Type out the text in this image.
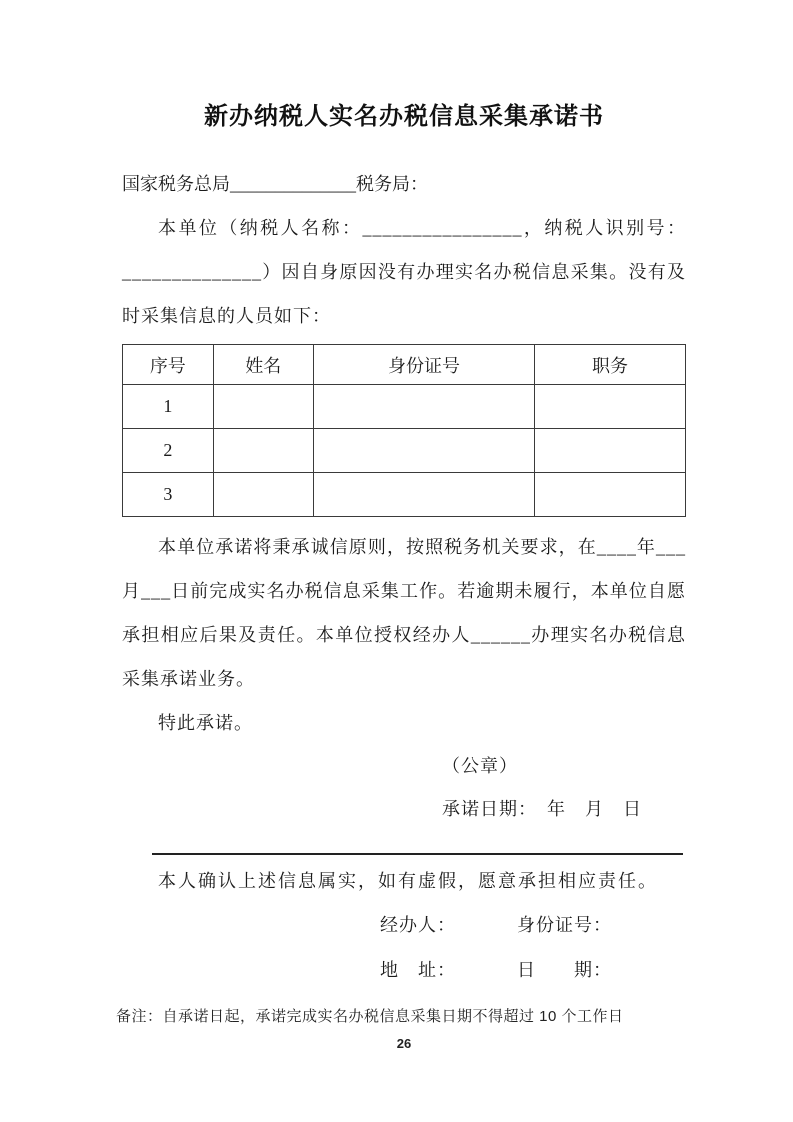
新办纳税人实名办税信息采集承诺书
国家税务总局______________税务局：
本单位（纳税人名称：________________，纳税人识别号：______________）因自身原因没有办理实名办税信息采集。没有及时采集信息的人员如下：
序号	姓名	身份证号	职务
1			
2			
3			
本单位承诺将秉承诚信原则，按照税务机关要求，在____年___月___日前完成实名办税信息采集工作。若逾期未履行，本单位自愿承担相应后果及责任。本单位授权经办人______办理实名办税信息采集承诺业务。
特此承诺。
（公章）
承诺日期：　年　月　日
本人确认上述信息属实，如有虚假，愿意承担相应责任。
经办人：	身份证号：
地　址：	日　　期：
备注：自承诺日起，承诺完成实名办税信息采集日期不得超过 10 个工作日
26
